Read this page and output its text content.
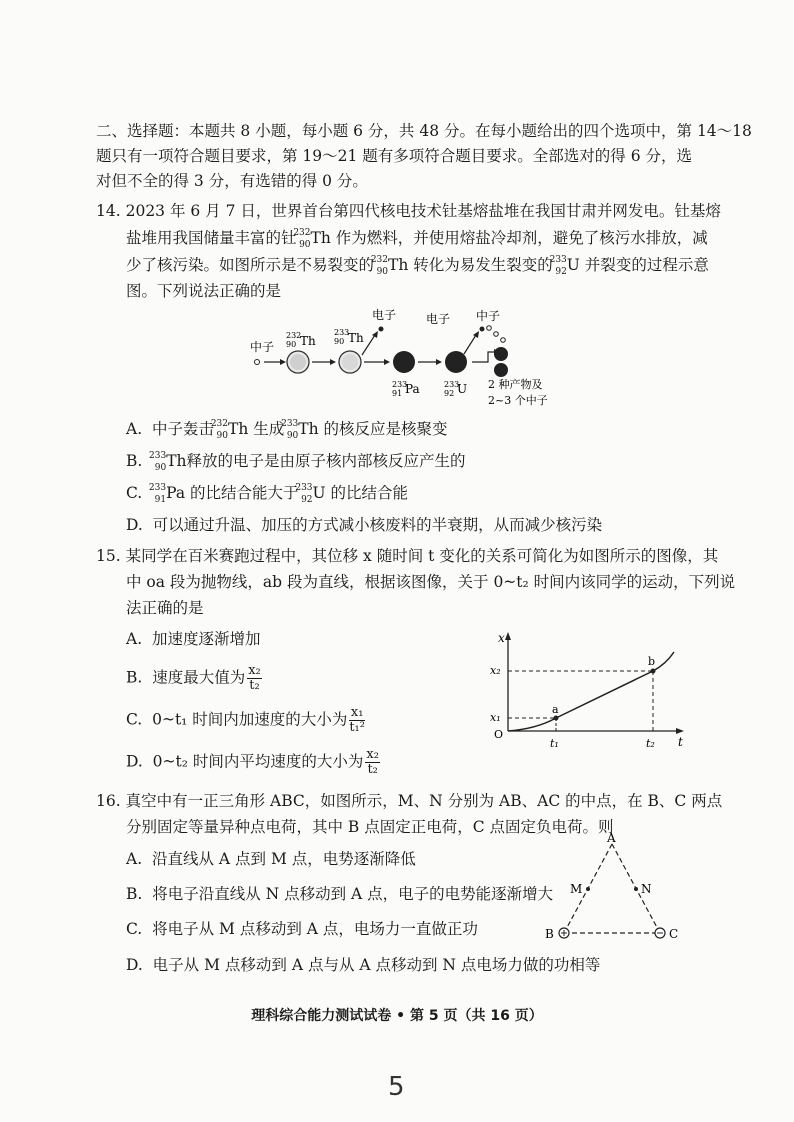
二、选择题：本题共 8 小题，每小题 6 分，共 48 分。在每小题给出的四个选项中，第 14～18
题只有一项符合题目要求，第 19～21 题有多项符合题目要求。全部选对的得 6 分，选
对但不全的得 3 分，有选错的得 0 分。
14. 2023 年 6 月 7 日，世界首台第四代核电技术钍基熔盐堆在我国甘肃并网发电。钍基熔
盐堆用我国储量丰富的钍
232
90 Th 作为燃料，并使用熔盐冷却剂，避免了核污水排放，减
少了核污染。如图所示是不易裂变的
232
90 Th 转化为易发生裂变的
233
92 U 并裂变的过程示意
图。下列说法正确的是
中子
232
90 Th
233
90 Th
电子
233
91 Pa	233
92 U
电子 中子
2 种产物及
2~3 个中子
A. 中子轰击
232
90 Th 生成
233
90 Th 的核反应是核聚变
B. 233
90 Th释放的电子是由原子核内部核反应产生的
C. 233
91 Pa 的比结合能大于
233
92 U 的比结合能
D. 可以通过升温、加压的方式减小核废料的半衰期，从而减少核污染
15. 某同学在百米赛跑过程中，其位移 x 随时间 t 变化的关系可简化为如图所示的图像，其
中 oa 段为抛物线，ab 段为直线，根据该图像，关于 0~t₂ 时间内该同学的运动，下列说
法正确的是
A. 加速度逐渐增加
B. 速度最大值为 $\frac{\text{x₂}}{\text{t₂}}$
C. 0~t₁ 时间内加速度的大小为 $\frac{\text{x₁}}{\text{t₁²}}$
D. 0~t₂ 时间内平均速度的大小为 $\frac{\text{x₂}}{\text{t₂}}$
x
t
O
x₂
x₁
t₁	t₂
a
b
16. 真空中有一正三角形 ABC，如图所示，M、N 分别为 AB、AC 的中点，在 B、C 两点
分别固定等量异种点电荷，其中 B 点固定正电荷，C 点固定负电荷。则
A. 沿直线从 A 点到 M 点，电势逐渐降低
B. 将电子沿直线从 N 点移动到 A 点，电子的电势能逐渐增大
C. 将电子从 M 点移动到 A 点，电场力一直做正功
D. 电子从 M 点移动到 A 点与从 A 点移动到 N 点电场力做的功相等
A
M	N
B	C
理科综合能力测试试卷 • 第 5 页（共 16 页）
5
